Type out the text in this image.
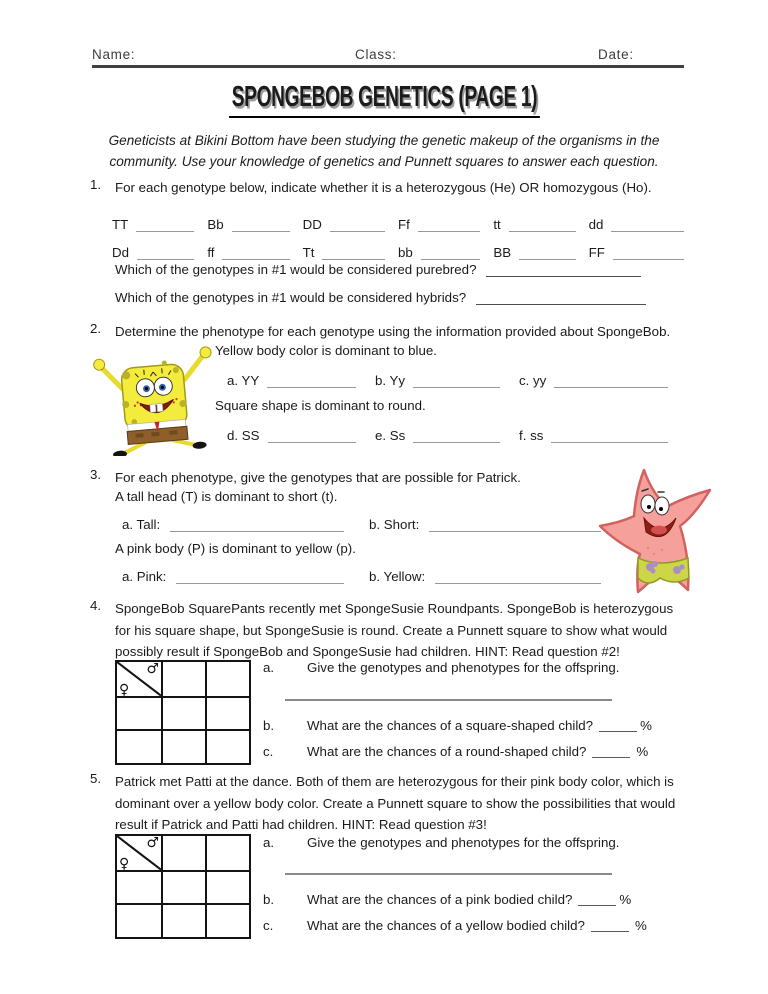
Name:	Class:	Date:
SPONGEBOB GENETICS (PAGE 1)
Geneticists at Bikini Bottom have been studying the genetic makeup of the organisms in the community. Use your knowledge of genetics and Punnett squares to answer each question.
1.	For each genotype below, indicate whether it is a heterozygous (He) OR homozygous (Ho).
TT	Bb	DD	Ff	tt	dd
Dd	ff	Tt	bb	BB	FF
Which of the genotypes in #1 would be considered purebred?
Which of the genotypes in #1 would be considered hybrids?
2.	Determine the phenotype for each genotype using the information provided about SpongeBob.
Yellow body color is dominant to blue.
a. YY	b. Yy	c. yy
Square shape is dominant to round.
d. SS	e. Ss	f. ss
3.	For each phenotype, give the genotypes that are possible for Patrick.
A tall head (T) is dominant to short (t).
a. Tall:	b. Short:
A pink body (P) is dominant to yellow (p).
a. Pink:	b. Yellow:
4.	SpongeBob SquarePants recently met SpongeSusie Roundpants. SpongeBob is heterozygous for his square shape, but SpongeSusie is round. Create a Punnett square to show what would possibly result if SpongeBob and SpongeSusie had children. HINT: Read question #2!
♂
♀
a.	Give the genotypes and phenotypes for the offspring.
b.	What are the chances of a square-shaped child?	%
c.	What are the chances of a round-shaped child?	%
5.	Patrick met Patti at the dance. Both of them are heterozygous for their pink body color, which is dominant over a yellow body color. Create a Punnett square to show the possibilities that would result if Patrick and Patti had children. HINT: Read question #3!
♂
♀
a.	Give the genotypes and phenotypes for the offspring.
b.	What are the chances of a pink bodied child?	%
c.	What are the chances of a yellow bodied child?	%
